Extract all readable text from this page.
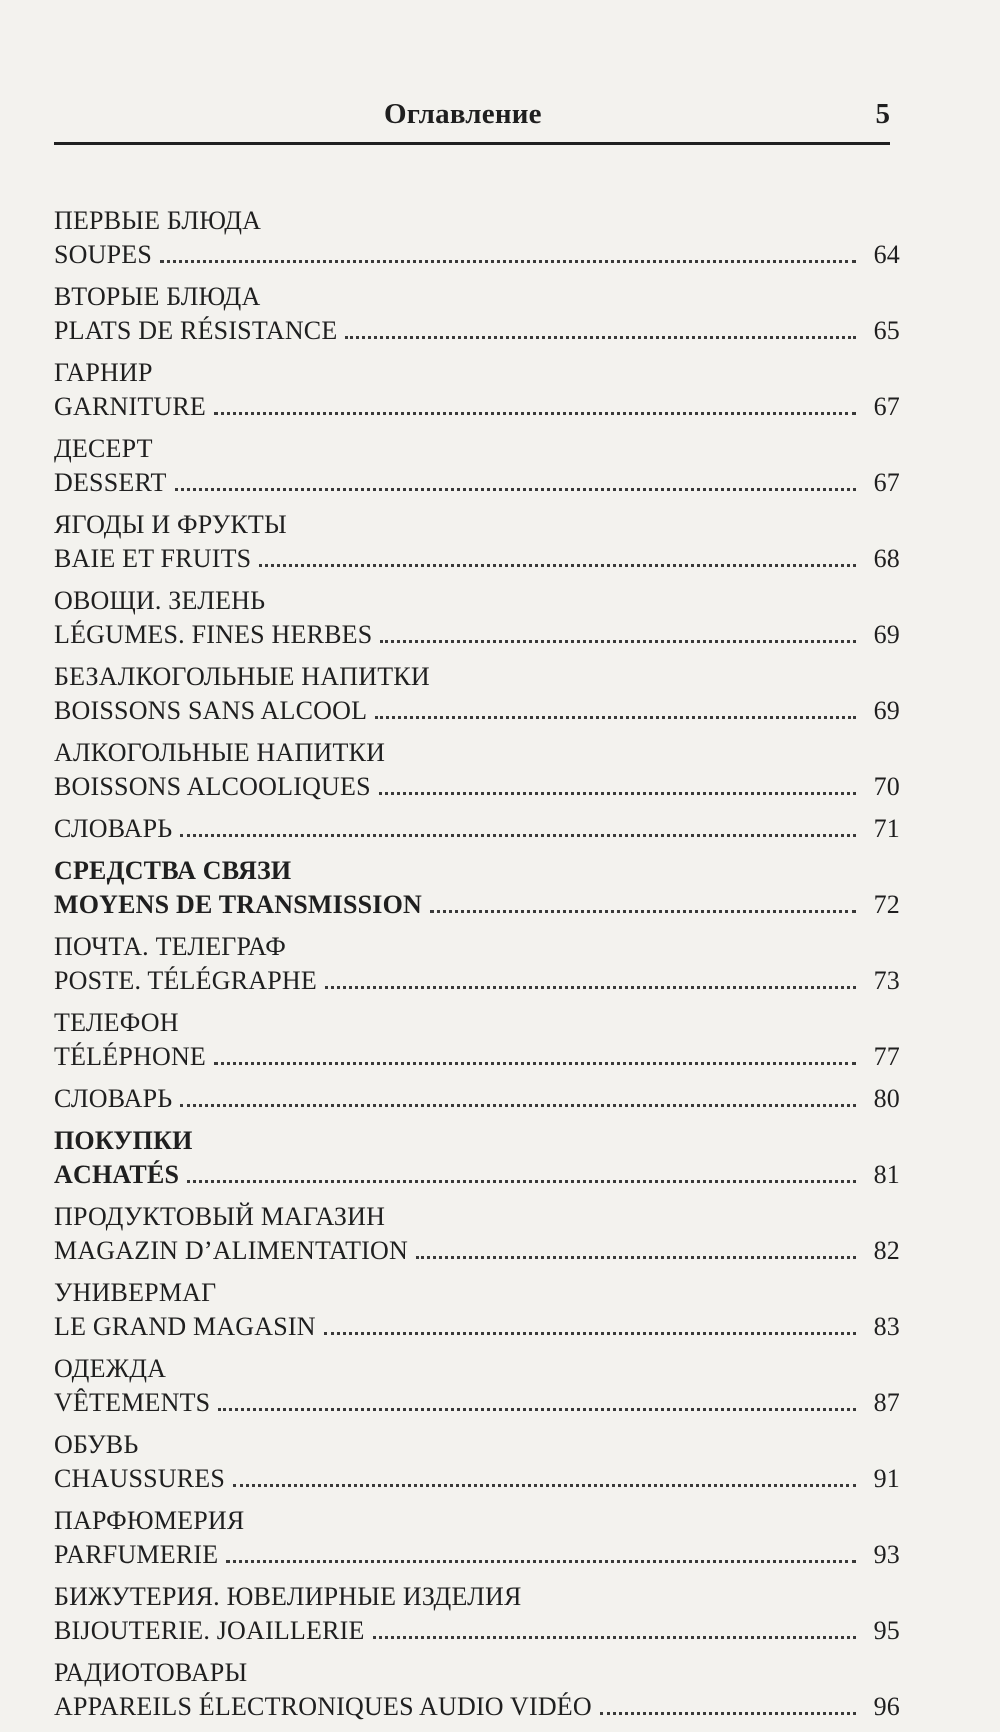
Оглавление	5
ПЕРВЫЕ БЛЮДА
SOUPES	64
ВТОРЫЕ БЛЮДА
PLATS DE RÉSISTANCE	65
ГАРНИР
GARNITURE	67
ДЕСЕРТ
DESSERT	67
ЯГОДЫ И ФРУКТЫ
BAIE ET FRUITS	68
ОВОЩИ. ЗЕЛЕНЬ
LÉGUMES. FINES HERBES	69
БЕЗАЛКОГОЛЬНЫЕ НАПИТКИ
BOISSONS SANS ALCOOL	69
АЛКОГОЛЬНЫЕ НАПИТКИ
BOISSONS ALCOOLIQUES	70
СЛОВАРЬ	71
СРЕДСТВА СВЯЗИ
MOYENS DE TRANSMISSION	72
ПОЧТА. ТЕЛЕГРАФ
POSTE. TÉLÉGRAPHE	73
ТЕЛЕФОН
TÉLÉPHONE	77
СЛОВАРЬ	80
ПОКУПКИ
ACHATÉS	81
ПРОДУКТОВЫЙ МАГАЗИН
MAGAZIN D’ALIMENTATION	82
УНИВЕРМАГ
LE GRAND MAGASIN	83
ОДЕЖДА
VÊTEMENTS	87
ОБУВЬ
CHAUSSURES	91
ПАРФЮМЕРИЯ
PARFUMERIE	93
БИЖУТЕРИЯ. ЮВЕЛИРНЫЕ ИЗДЕЛИЯ
BIJOUTERIE. JOAILLERIE	95
РАДИОТОВАРЫ
APPAREILS ÉLECTRONIQUES AUDIO VIDÉO	96
